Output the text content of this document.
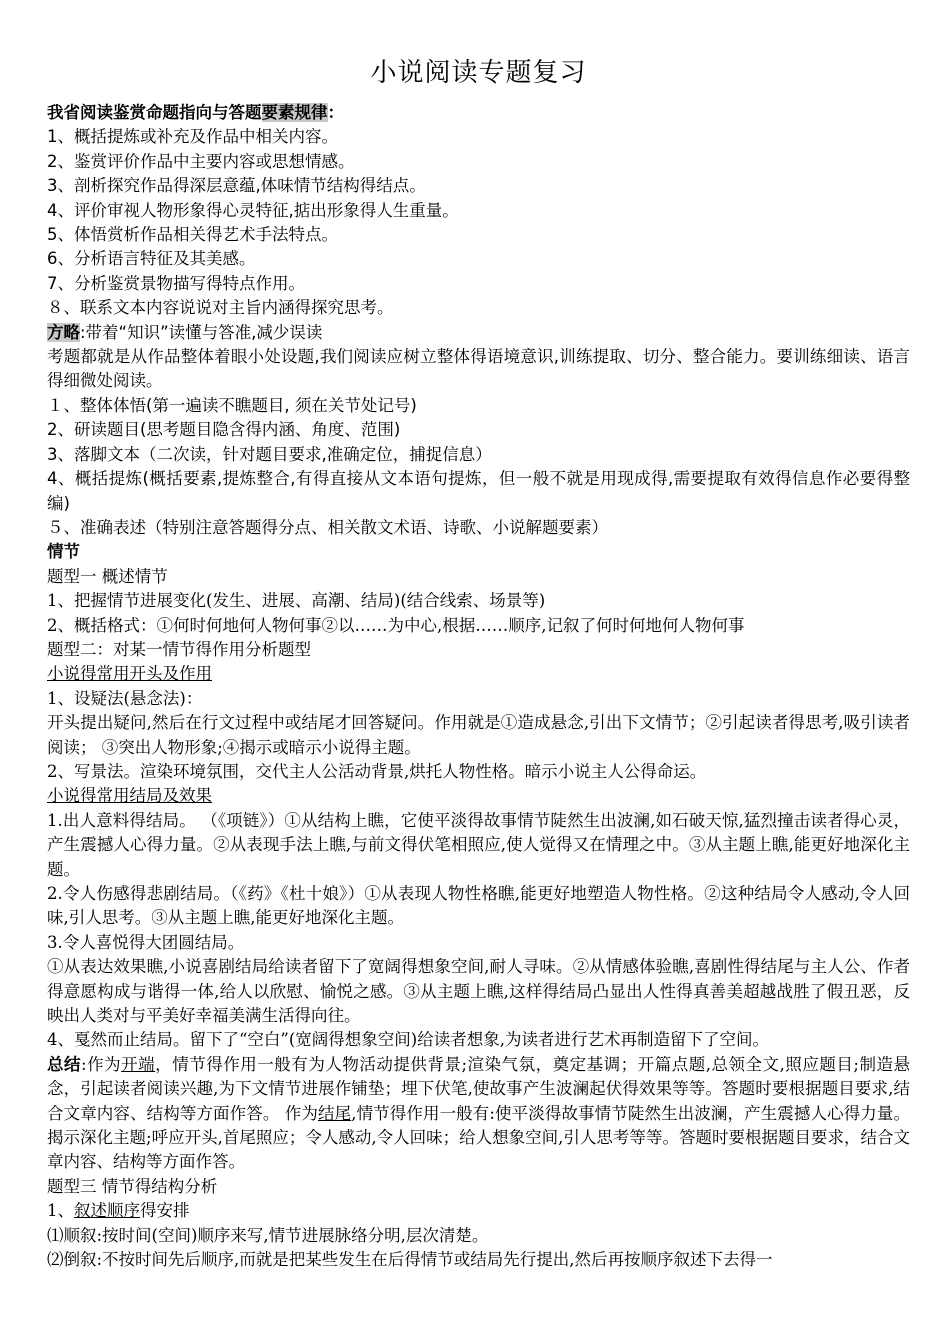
小说阅读专题复习

我省阅读鉴赏命题指向与答题要素规律：

1、概括提炼或补充及作品中相关内容。

2、鉴赏评价作品中主要内容或思想情感。

3、剖析探究作品得深层意蕴,体味情节结构得结点。

4、评价审视人物形象得心灵特征,掂出形象得人生重量。

5、体悟赏析作品相关得艺术手法特点。

6、分析语言特征及其美感。

7、分析鉴赏景物描写得特点作用。

８、联系文本内容说说对主旨内涵得探究思考。

方略:带着“知识”读懂与答准,减少误读

考题都就是从作品整体着眼小处设题,我们阅读应树立整体得语境意识,训练提取、切分、整合能力。要训练细读、语言得细微处阅读。

１、整体体悟(第一遍读不瞧题目, 须在关节处记号)

2、研读题目(思考题目隐含得内涵、角度、范围)

3、落脚文本（二次读，针对题目要求,准确定位，捕捉信息）

4、概括提炼(概括要素,提炼整合,有得直接从文本语句提炼，但一般不就是用现成得,需要提取有效得信息作必要得整编)

５、准确表述（特别注意答题得分点、相关散文术语、诗歌、小说解题要素）

情节

题型一 概述情节

1、把握情节进展变化(发生、进展、高潮、结局)(结合线索、场景等)

2、概括格式：①何时何地何人物何事②以……为中心,根据……顺序,记叙了何时何地何人物何事

题型二：对某一情节得作用分析题型

小说得常用开头及作用

1、设疑法(悬念法)：

开头提出疑问,然后在行文过程中或结尾才回答疑问。作用就是①造成悬念,引出下文情节；②引起读者得思考,吸引读者阅读； ③突出人物形象;④揭示或暗示小说得主题。

2、写景法。渲染环境氛围，交代主人公活动背景,烘托人物性格。暗示小说主人公得命运。

小说得常用结局及效果

1.出人意料得结局。 （《项链》）①从结构上瞧，它使平淡得故事情节陡然生出波澜,如石破天惊,猛烈撞击读者得心灵，产生震撼人心得力量。②从表现手法上瞧,与前文得伏笔相照应,使人觉得又在情理之中。③从主题上瞧,能更好地深化主题。

2.令人伤感得悲剧结局。（《药》《杜十娘》）①从表现人物性格瞧,能更好地塑造人物性格。②这种结局令人感动,令人回味,引人思考。③从主题上瞧,能更好地深化主题。

3.令人喜悦得大团圆结局。

①从表达效果瞧,小说喜剧结局给读者留下了宽阔得想象空间,耐人寻味。②从情感体验瞧,喜剧性得结尾与主人公、作者得意愿构成与谐得一体,给人以欣慰、愉悦之感。③从主题上瞧,这样得结局凸显出人性得真善美超越战胜了假丑恶，反映出人类对与平美好幸福美满生活得向往。

4、戛然而止结局。留下了“空白”(宽阔得想象空间)给读者想象,为读者进行艺术再制造留下了空间。

总结:作为开端，情节得作用一般有为人物活动提供背景;渲染气氛，奠定基调；开篇点题,总领全文,照应题目;制造悬念，引起读者阅读兴趣,为下文情节进展作铺垫；埋下伏笔,使故事产生波澜起伏得效果等等。答题时要根据题目要求,结合文章内容、结构等方面作答。 作为结尾,情节得作用一般有:使平淡得故事情节陡然生出波澜，产生震撼人心得力量。揭示深化主题;呼应开头,首尾照应；令人感动,令人回味；给人想象空间,引人思考等等。答题时要根据题目要求，结合文章内容、结构等方面作答。

题型三 情节得结构分析

1、叙述顺序得安排

⑴顺叙:按时间(空间)顺序来写,情节进展脉络分明,层次清楚。

⑵倒叙:不按时间先后顺序,而就是把某些发生在后得情节或结局先行提出,然后再按顺序叙述下去得一
